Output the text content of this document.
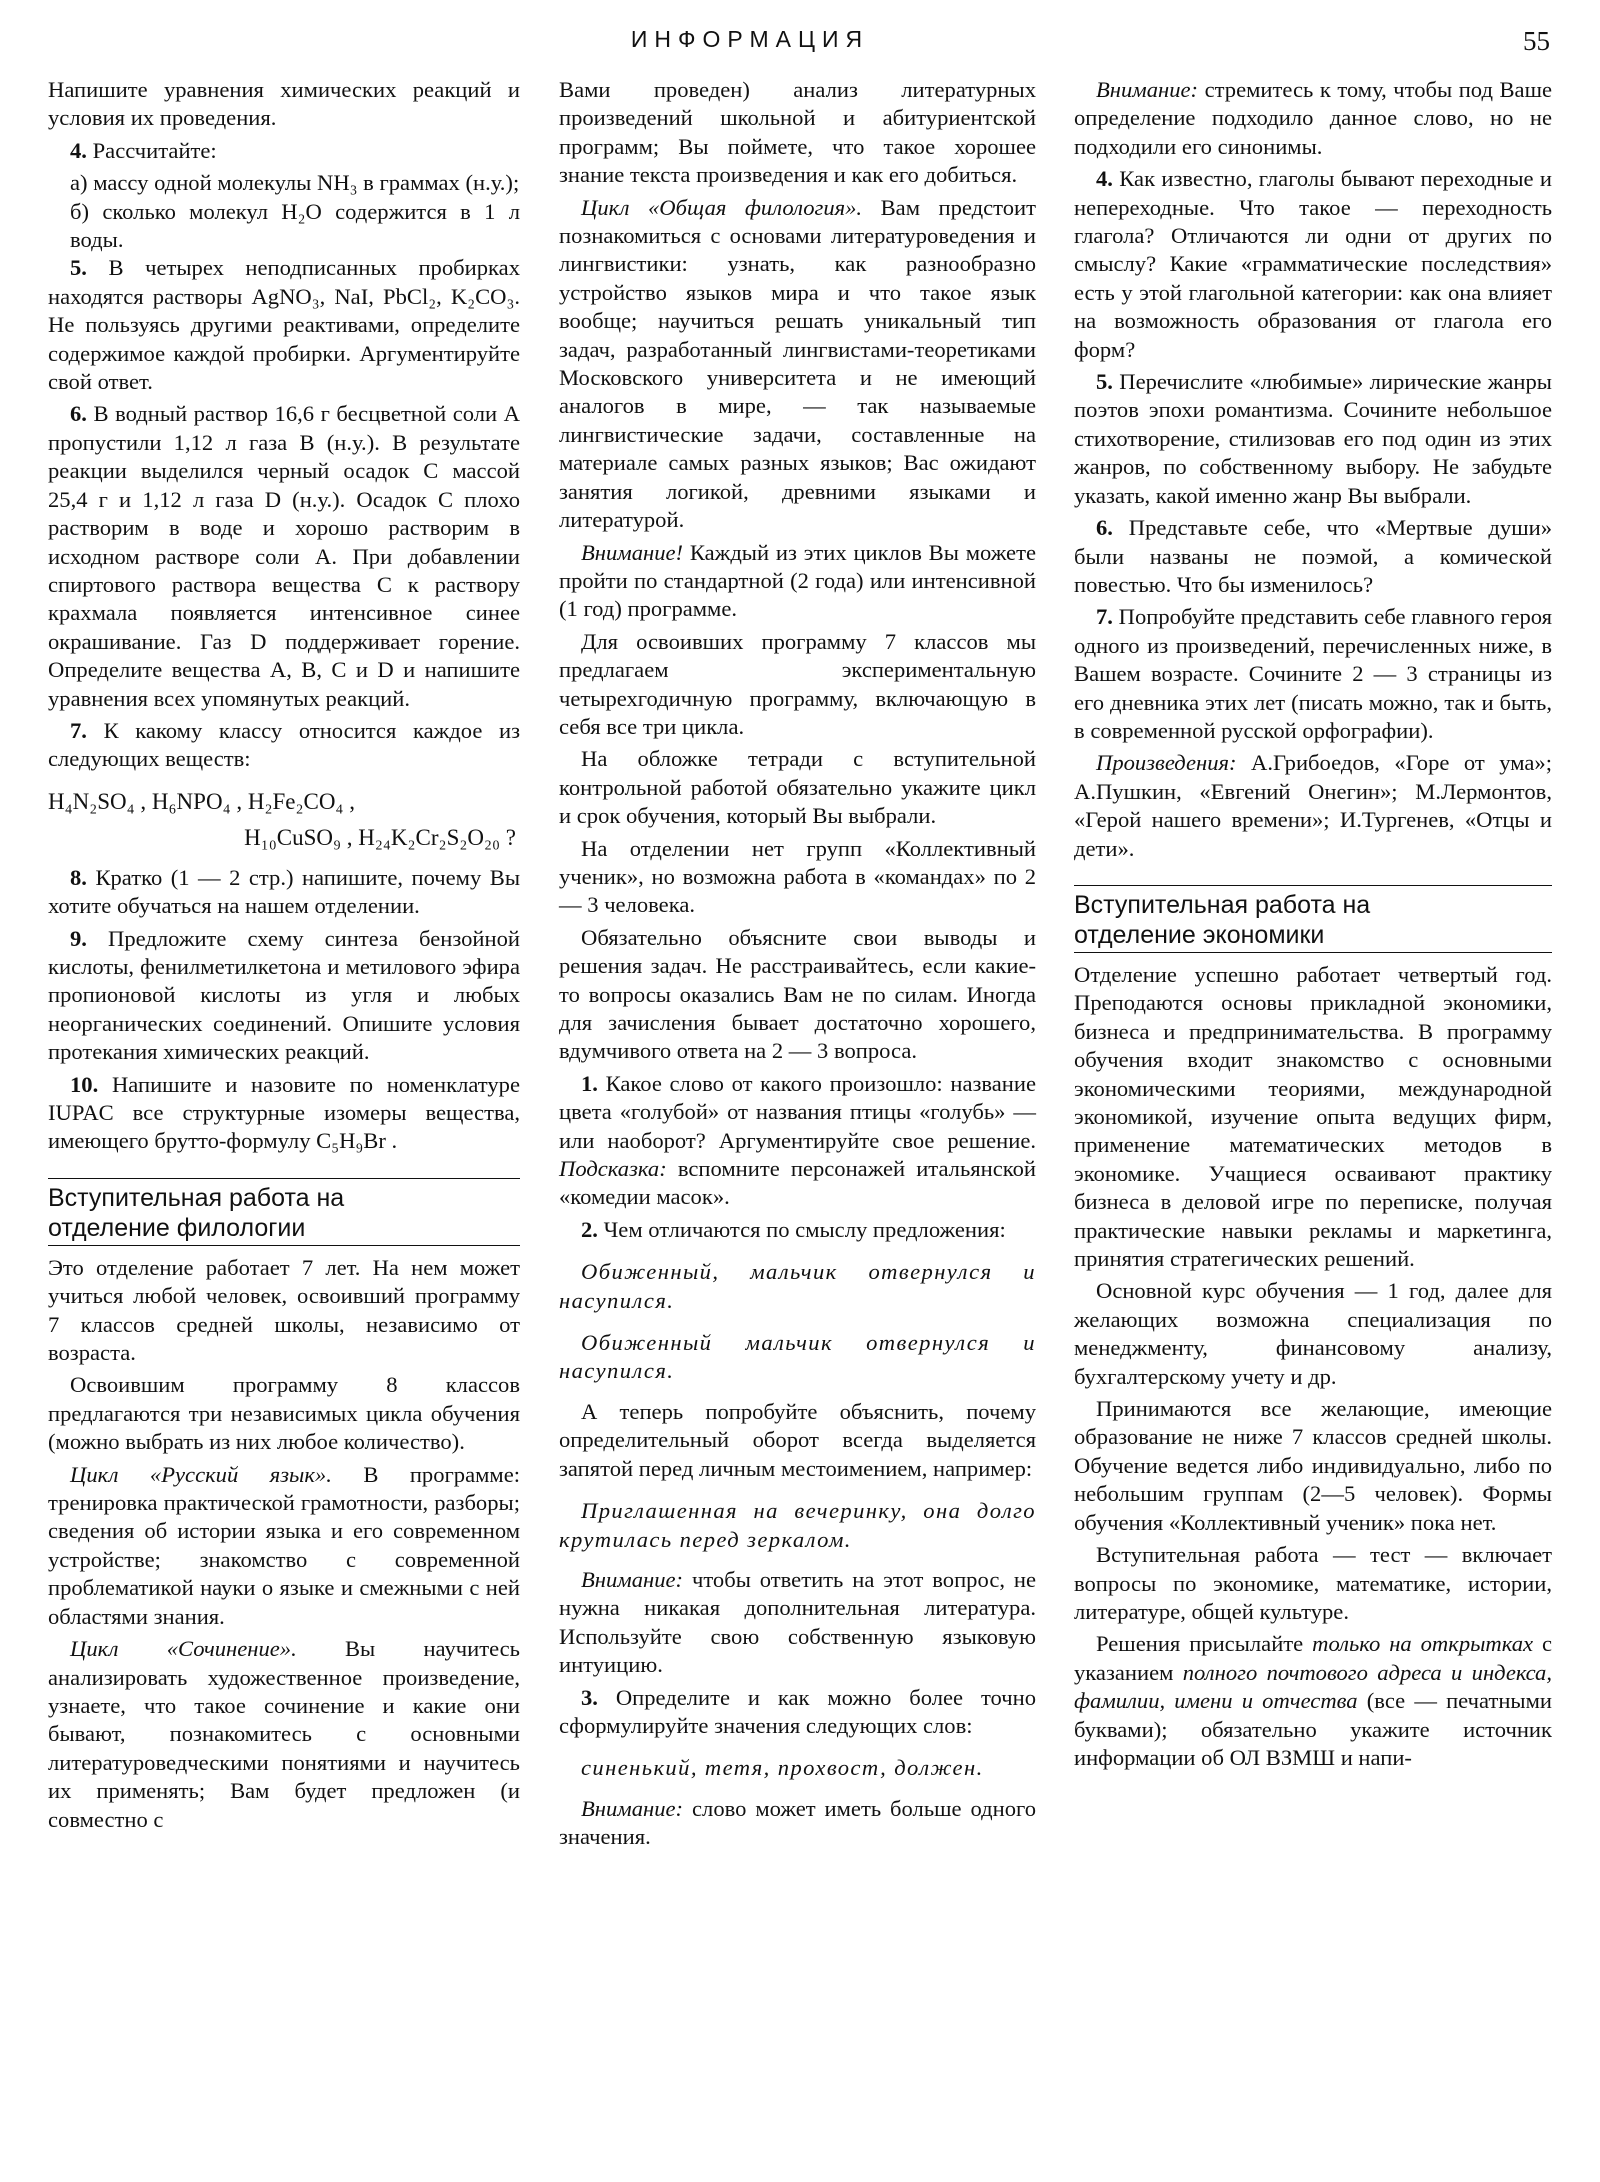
ИНФОРМАЦИЯ	55

Напишите уравнения химических реакций и условия их проведения.

4. Рассчитайте:

а) массу одной молекулы NH₃ в граммах (н.у.);

б) сколько молекул H₂O содержится в 1 л воды.

5. В четырех неподписанных пробирках находятся растворы AgNO₃, NaI, PbCl₂, K₂CO₃. Не пользуясь другими реактивами, определите содержимое каждой пробирки. Аргументируйте свой ответ.

6. В водный раствор 16,6 г бесцветной соли A пропустили 1,12 л газа B (н.у.). В результате реакции выделился черный осадок C массой 25,4 г и 1,12 л газа D (н.у.). Осадок C плохо растворим в воде и хорошо растворим в исходном растворе соли A. При добавлении спиртового раствора вещества C к раствору крахмала появляется интенсивное синее окрашивание. Газ D поддерживает горение. Определите вещества A, B, C и D и напишите уравнения всех упомянутых реакций.

7. К какому классу относится каждое из следующих веществ:

H₄N₂SO₄ , H₆NPO₄ , H₂Fe₂CO₄ ,
H₁₀CuSO₉ , H₂₄K₂Cr₂S₂O₂₀ ?

8. Кратко (1 — 2 стр.) напишите, почему Вы хотите обучаться на нашем отделении.

9. Предложите схему синтеза бензойной кислоты, фенилметилкетона и метилового эфира пропионовой кислоты из угля и любых неорганических соединений. Опишите условия протекания химических реакций.

10. Напишите и назовите по номенклатуре IUPAC все структурные изомеры вещества, имеющего брутто-формулу C₅H₉Br .

Вступительная работа на
отделение филологии

Это отделение работает 7 лет. На нем может учиться любой человек, освоивший программу 7 классов средней школы, независимо от возраста.

Освоившим программу 8 классов предлагаются три независимых цикла обучения (можно выбрать из них любое количество).

Цикл «Русский язык». В программе: тренировка практической грамотности, разборы; сведения об истории языка и его современном устройстве; знакомство с современной проблематикой науки о языке и смежными с ней областями знания.

Цикл «Сочинение». Вы научитесь анализировать художественное произведение, узнаете, что такое сочинение и какие они бывают, познакомитесь с основными литературоведческими понятиями и научитесь их применять; Вам будет предложен (и совместно с

Вами проведен) анализ литературных произведений школьной и абитуриентской программ; Вы поймете, что такое хорошее знание текста произведения и как его добиться.

Цикл «Общая филология». Вам предстоит познакомиться с основами литературоведения и лингвистики: узнать, как разнообразно устройство языков мира и что такое язык вообще; научиться решать уникальный тип задач, разработанный лингвистами-теоретиками Московского университета и не имеющий аналогов в мире, — так называемые лингвистические задачи, составленные на материале самых разных языков; Вас ожидают занятия логикой, древними языками и литературой.

Внимание! Каждый из этих циклов Вы можете пройти по стандартной (2 года) или интенсивной (1 год) программе.

Для освоивших программу 7 классов мы предлагаем экспериментальную четырехгодичную программу, включающую в себя все три цикла.

На обложке тетради с вступительной контрольной работой обязательно укажите цикл и срок обучения, который Вы выбрали.

На отделении нет групп «Коллективный ученик», но возможна работа в «командах» по 2 — 3 человека.

Обязательно объясните свои выводы и решения задач. Не расстраивайтесь, если какие-то вопросы оказались Вам не по силам. Иногда для зачисления бывает достаточно хорошего, вдумчивого ответа на 2 — 3 вопроса.

1. Какое слово от какого произошло: название цвета «голубой» от названия птицы «голубь» — или наоборот? Аргументируйте свое решение. Подсказка: вспомните персонажей итальянской «комедии масок».

2. Чем отличаются по смыслу предложения:

Обиженный, мальчик отвернулся и насупился.

Обиженный мальчик отвернулся и насупился.

А теперь попробуйте объяснить, почему определительный оборот всегда выделяется запятой перед личным местоимением, например:

Приглашенная на вечеринку, она долго крутилась перед зеркалом.

Внимание: чтобы ответить на этот вопрос, не нужна никакая дополнительная литература. Используйте свою собственную языковую интуицию.

3. Определите и как можно более точно сформулируйте значения следующих слов:

синенький, тетя, прохвост, должен.

Внимание: слово может иметь больше одного значения.

Внимание: стремитесь к тому, чтобы под Ваше определение подходило данное слово, но не подходили его синонимы.

4. Как известно, глаголы бывают переходные и непереходные. Что такое — переходность глагола? Отличаются ли одни от других по смыслу? Какие «грамматические последствия» есть у этой глагольной категории: как она влияет на возможность образования от глагола его форм?

5. Перечислите «любимые» лирические жанры поэтов эпохи романтизма. Сочините небольшое стихотворение, стилизовав его под один из этих жанров, по собственному выбору. Не забудьте указать, какой именно жанр Вы выбрали.

6. Представьте себе, что «Мертвые души» были названы не поэмой, а комической повестью. Что бы изменилось?

7. Попробуйте представить себе главного героя одного из произведений, перечисленных ниже, в Вашем возрасте. Сочините 2 — 3 страницы из его дневника этих лет (писать можно, так и быть, в современной русской орфографии).

Произведения: А.Грибоедов, «Горе от ума»; А.Пушкин, «Евгений Онегин»; М.Лермонтов, «Герой нашего времени»; И.Тургенев, «Отцы и дети».

Вступительная работа на
отделение экономики

Отделение успешно работает четвертый год. Преподаются основы прикладной экономики, бизнеса и предпринимательства. В программу обучения входит знакомство с основными экономическими теориями, международной экономикой, изучение опыта ведущих фирм, применение математических методов в экономике. Учащиеся осваивают практику бизнеса в деловой игре по переписке, получая практические навыки рекламы и маркетинга, принятия стратегических решений.

Основной курс обучения — 1 год, далее для желающих возможна специализация по менеджменту, финансовому анализу, бухгалтерскому учету и др.

Принимаются все желающие, имеющие образование не ниже 7 классов средней школы. Обучение ведется либо индивидуально, либо по небольшим группам (2—5 человек). Формы обучения «Коллективный ученик» пока нет.

Вступительная работа — тест — включает вопросы по экономике, математике, истории, литературе, общей культуре.

Решения присылайте только на открытках с указанием полного почтового адреса и индекса, фамилии, имени и отчества (все — печатными буквами); обязательно укажите источник информации об ОЛ ВЗМШ и напи-
